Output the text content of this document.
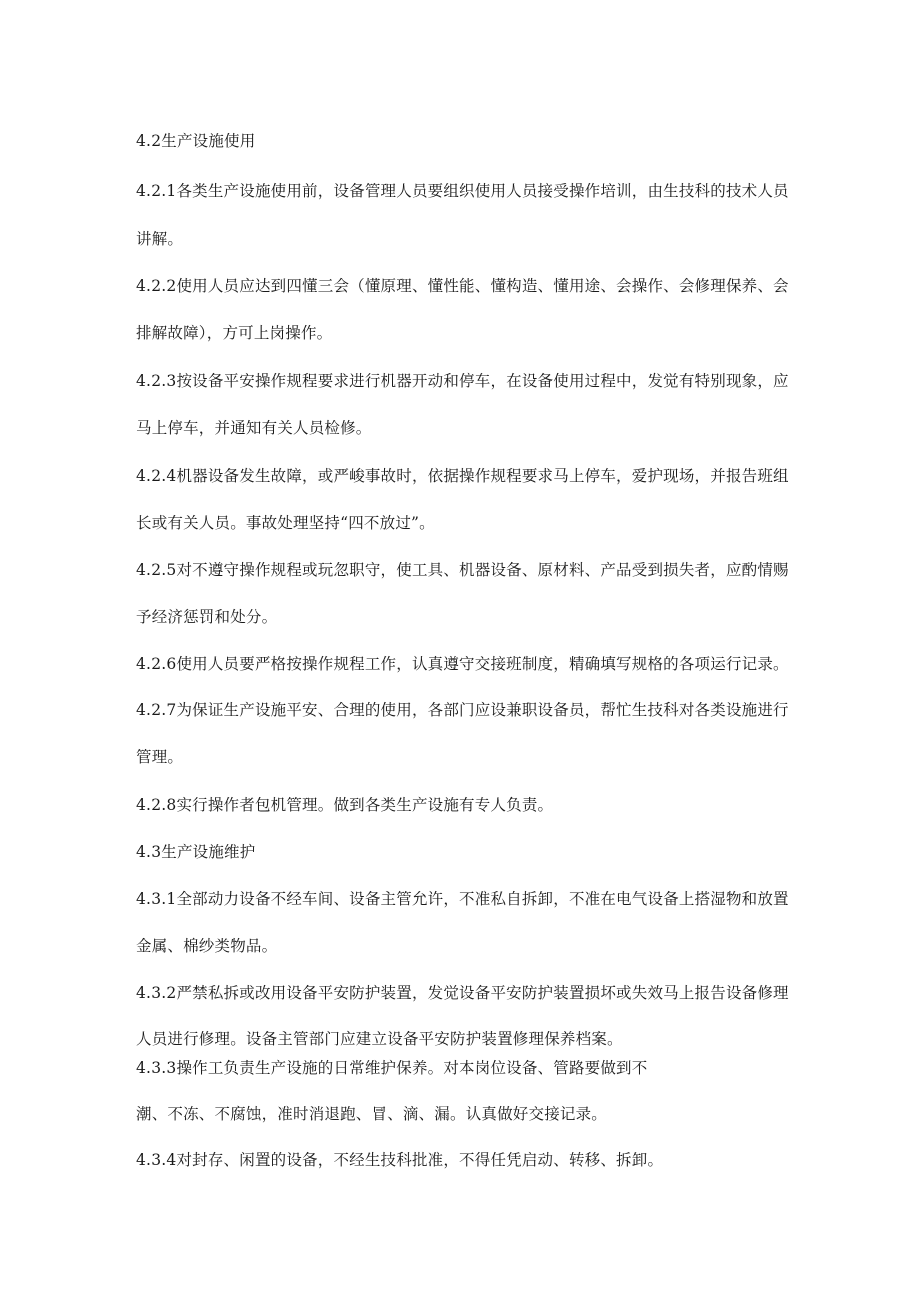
4.2生产设施使用
4.2.1各类生产设施使用前，设备管理人员要组织使用人员接受操作培训，由生技科的技术人员
讲解。
4.2.2使用人员应达到四懂三会（懂原理、懂性能、懂构造、懂用途、会操作、会修理保养、会
排解故障），方可上岗操作。
4.2.3按设备平安操作规程要求进行机器开动和停车，在设备使用过程中，发觉有特别现象，应
马上停车，并通知有关人员检修。
4.2.4机器设备发生故障，或严峻事故时，依据操作规程要求马上停车，爱护现场，并报告班组
长或有关人员。事故处理坚持“四不放过”。
4.2.5对不遵守操作规程或玩忽职守，使工具、机器设备、原材料、产品受到损失者，应酌情赐
予经济惩罚和处分。
4.2.6使用人员要严格按操作规程工作，认真遵守交接班制度，精确填写规格的各项运行记录。
4.2.7为保证生产设施平安、合理的使用，各部门应设兼职设备员，帮忙生技科对各类设施进行
管理。
4.2.8实行操作者包机管理。做到各类生产设施有专人负责。
4.3生产设施维护
4.3.1全部动力设备不经车间、设备主管允许，不准私自拆卸，不准在电气设备上搭湿物和放置
金属、棉纱类物品。
4.3.2严禁私拆或改用设备平安防护装置，发觉设备平安防护装置损坏或失效马上报告设备修理
人员进行修理。设备主管部门应建立设备平安防护装置修理保养档案。
4.3.3操作工负责生产设施的日常维护保养。对本岗位设备、管路要做到不
潮、不冻、不腐蚀，准时消退跑、冒、滴、漏。认真做好交接记录。
4.3.4对封存、闲置的设备，不经生技科批准，不得任凭启动、转移、拆卸。
